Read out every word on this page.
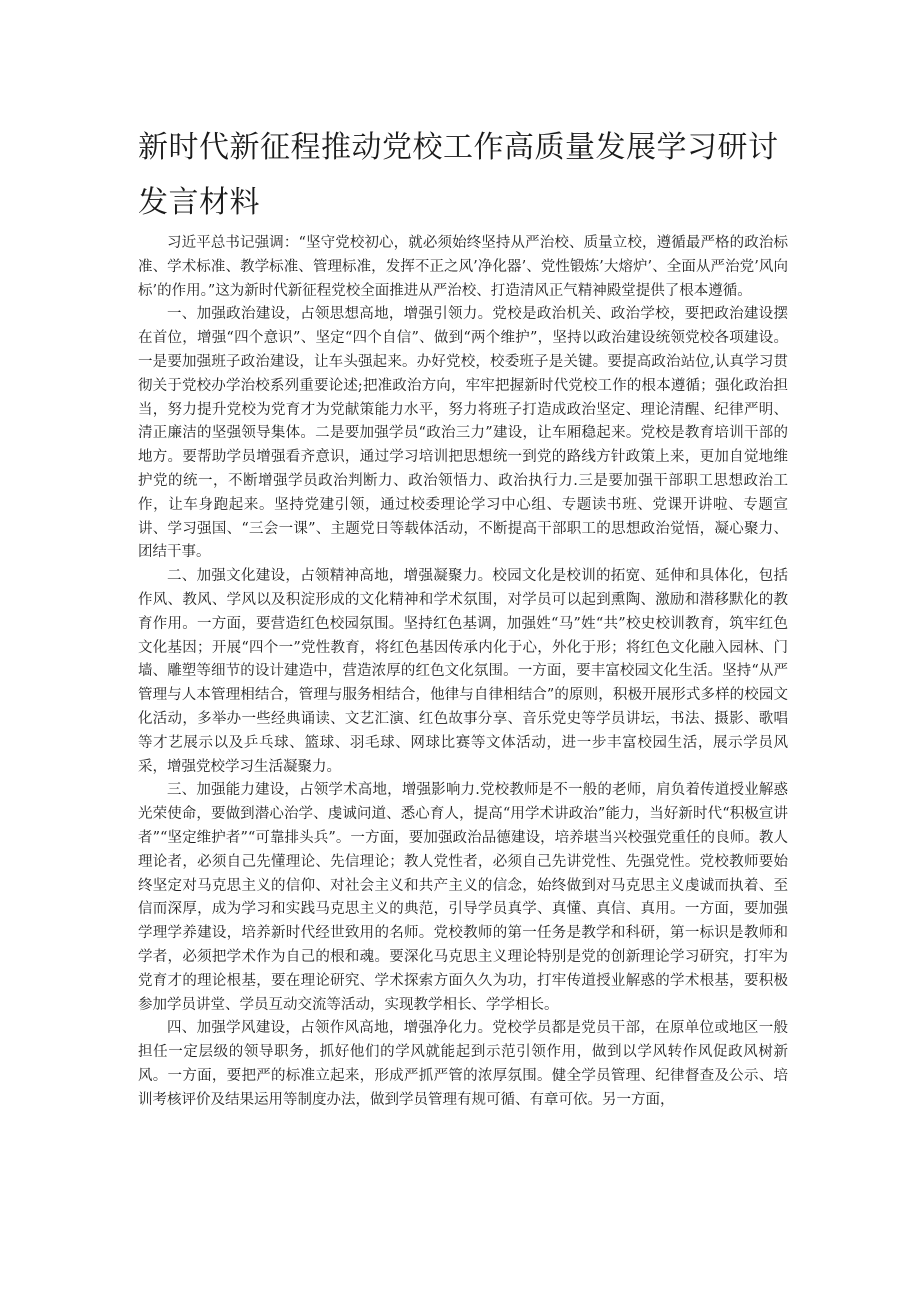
新时代新征程推动党校工作高质量发展学习研讨发言材料

习近平总书记强调：“坚守党校初心，就必须始终坚持从严治校、质量立校，遵循最严格的政治标准、学术标准、教学标准、管理标准，发挥不正之风’净化器’、党性锻炼’大熔炉’、全面从严治党’风向标’的作用。”这为新时代新征程党校全面推进从严治校、打造清风正气精神殿堂提供了根本遵循。

一、加强政治建设，占领思想高地，增强引领力。党校是政治机关、政治学校，要把政治建设摆在首位，增强“四个意识”、坚定“四个自信”、做到“两个维护”，坚持以政治建设统领党校各项建设。一是要加强班子政治建设，让车头强起来。办好党校，校委班子是关键。要提高政治站位,认真学习贯彻关于党校办学治校系列重要论述;把准政治方向，牢牢把握新时代党校工作的根本遵循；强化政治担当，努力提升党校为党育才为党献策能力水平，努力将班子打造成政治坚定、理论清醒、纪律严明、清正廉洁的坚强领导集体。二是要加强学员“政治三力”建设，让车厢稳起来。党校是教育培训干部的地方。要帮助学员增强看齐意识，通过学习培训把思想统一到党的路线方针政策上来，更加自觉地维护党的统一，不断增强学员政治判断力、政治领悟力、政治执行力.三是要加强干部职工思想政治工作，让车身跑起来。坚持党建引领，通过校委理论学习中心组、专题读书班、党课开讲啦、专题宣讲、学习强国、“三会一课”、主题党日等载体活动，不断提高干部职工的思想政治觉悟，凝心聚力、团结干事。

二、加强文化建设，占领精神高地，增强凝聚力。校园文化是校训的拓宽、延伸和具体化，包括作风、教风、学风以及积淀形成的文化精神和学术氛围，对学员可以起到熏陶、激励和潜移默化的教育作用。一方面，要营造红色校园氛围。坚持红色基调，加强姓“马”姓“共”校史校训教育，筑牢红色文化基因；开展“四个一”党性教育，将红色基因传承内化于心，外化于形；将红色文化融入园林、门墙、雕塑等细节的设计建造中，营造浓厚的红色文化氛围。一方面，要丰富校园文化生活。坚持“从严管理与人本管理相结合，管理与服务相结合，他律与自律相结合”的原则，积极开展形式多样的校园文化活动，多举办一些经典诵读、文艺汇演、红色故事分享、音乐党史等学员讲坛，书法、摄影、歌唱等才艺展示以及乒乓球、篮球、羽毛球、网球比赛等文体活动，进一步丰富校园生活，展示学员风采，增强党校学习生活凝聚力。

三、加强能力建设，占领学术高地，增强影响力.党校教师是不一般的老师，肩负着传道授业解惑光荣使命，要做到潜心治学、虔诚问道、悉心育人，提高“用学术讲政治”能力，当好新时代“积极宣讲者”“坚定维护者”“可靠排头兵”。一方面，要加强政治品德建设，培养堪当兴校强党重任的良师。教人理论者，必须自己先懂理论、先信理论；教人党性者，必须自己先讲党性、先强党性。党校教师要始终坚定对马克思主义的信仰、对社会主义和共产主义的信念，始终做到对马克思主义虔诚而执着、至信而深厚，成为学习和实践马克思主义的典范，引导学员真学、真懂、真信、真用。一方面，要加强学理学养建设，培养新时代经世致用的名师。党校教师的第一任务是教学和科研，第一标识是教师和学者，必须把学术作为自己的根和魂。要深化马克思主义理论特别是党的创新理论学习研究，打牢为党育才的理论根基，要在理论研究、学术探索方面久久为功，打牢传道授业解惑的学术根基，要积极参加学员讲堂、学员互动交流等活动，实现教学相长、学学相长。

四、加强学风建设，占领作风高地，增强净化力。党校学员都是党员干部，在原单位或地区一般担任一定层级的领导职务，抓好他们的学风就能起到示范引领作用，做到以学风转作风促政风树新风。一方面，要把严的标准立起来，形成严抓严管的浓厚氛围。健全学员管理、纪律督查及公示、培训考核评价及结果运用等制度办法，做到学员管理有规可循、有章可依。另一方面，
